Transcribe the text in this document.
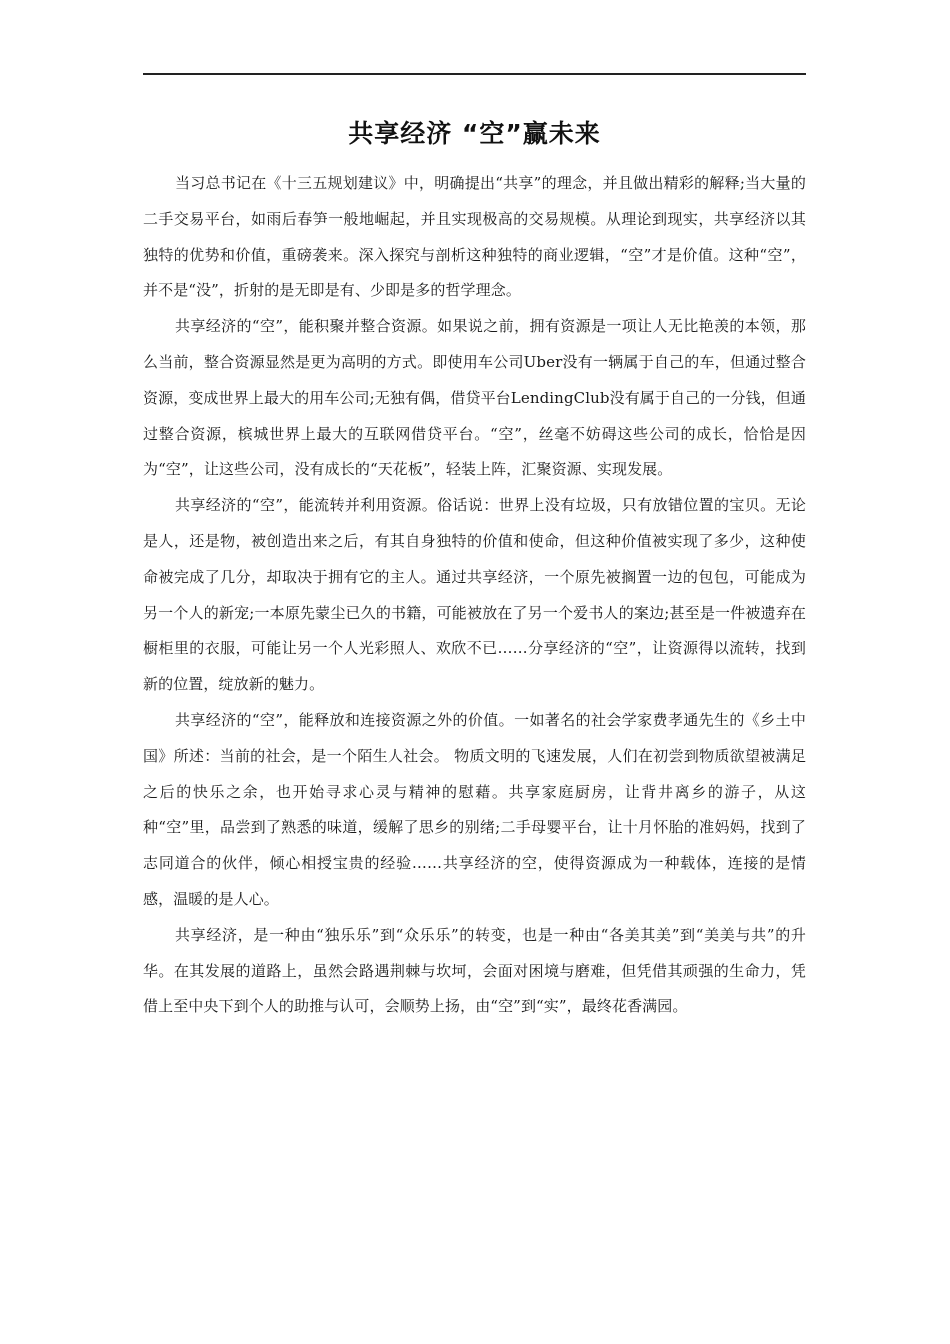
共享经济 “空”赢未来

当习总书记在《十三五规划建议》中，明确提出“共享”的理念，并且做出精彩的解释;当大量的二手交易平台，如雨后春笋一般地崛起，并且实现极高的交易规模。从理论到现实，共享经济以其独特的优势和价值，重磅袭来。深入探究与剖析这种独特的商业逻辑，“空”才是价值。这种“空”，并不是“没”，折射的是无即是有、少即是多的哲学理念。

共享经济的“空”，能积聚并整合资源。如果说之前，拥有资源是一项让人无比艳羡的本领，那么当前，整合资源显然是更为高明的方式。即使用车公司Uber没有一辆属于自己的车，但通过整合资源，变成世界上最大的用车公司;无独有偶，借贷平台LendingClub没有属于自己的一分钱，但通过整合资源，槟城世界上最大的互联网借贷平台。“空”，丝毫不妨碍这些公司的成长，恰恰是因为“空”，让这些公司，没有成长的“天花板”，轻装上阵，汇聚资源、实现发展。

共享经济的“空”，能流转并利用资源。俗话说：世界上没有垃圾，只有放错位置的宝贝。无论是人，还是物，被创造出来之后，有其自身独特的价值和使命，但这种价值被实现了多少，这种使命被完成了几分，却取决于拥有它的主人。通过共享经济，一个原先被搁置一边的包包，可能成为另一个人的新宠;一本原先蒙尘已久的书籍，可能被放在了另一个爱书人的案边;甚至是一件被遗弃在橱柜里的衣服，可能让另一个人光彩照人、欢欣不已……分享经济的“空”，让资源得以流转，找到新的位置，绽放新的魅力。

共享经济的“空”，能释放和连接资源之外的价值。一如著名的社会学家费孝通先生的《乡土中国》所述：当前的社会，是一个陌生人社会。 物质文明的飞速发展，人们在初尝到物质欲望被满足之后的快乐之余，也开始寻求心灵与精神的慰藉。共享家庭厨房，让背井离乡的游子，从这种“空”里，品尝到了熟悉的味道，缓解了思乡的别绪;二手母婴平台，让十月怀胎的准妈妈，找到了志同道合的伙伴，倾心相授宝贵的经验……共享经济的空，使得资源成为一种载体，连接的是情感，温暖的是人心。

共享经济，是一种由“独乐乐”到“众乐乐”的转变，也是一种由“各美其美”到“美美与共”的升华。在其发展的道路上，虽然会路遇荆棘与坎坷，会面对困境与磨难，但凭借其顽强的生命力，凭借上至中央下到个人的助推与认可，会顺势上扬，由“空”到“实”，最终花香满园。
